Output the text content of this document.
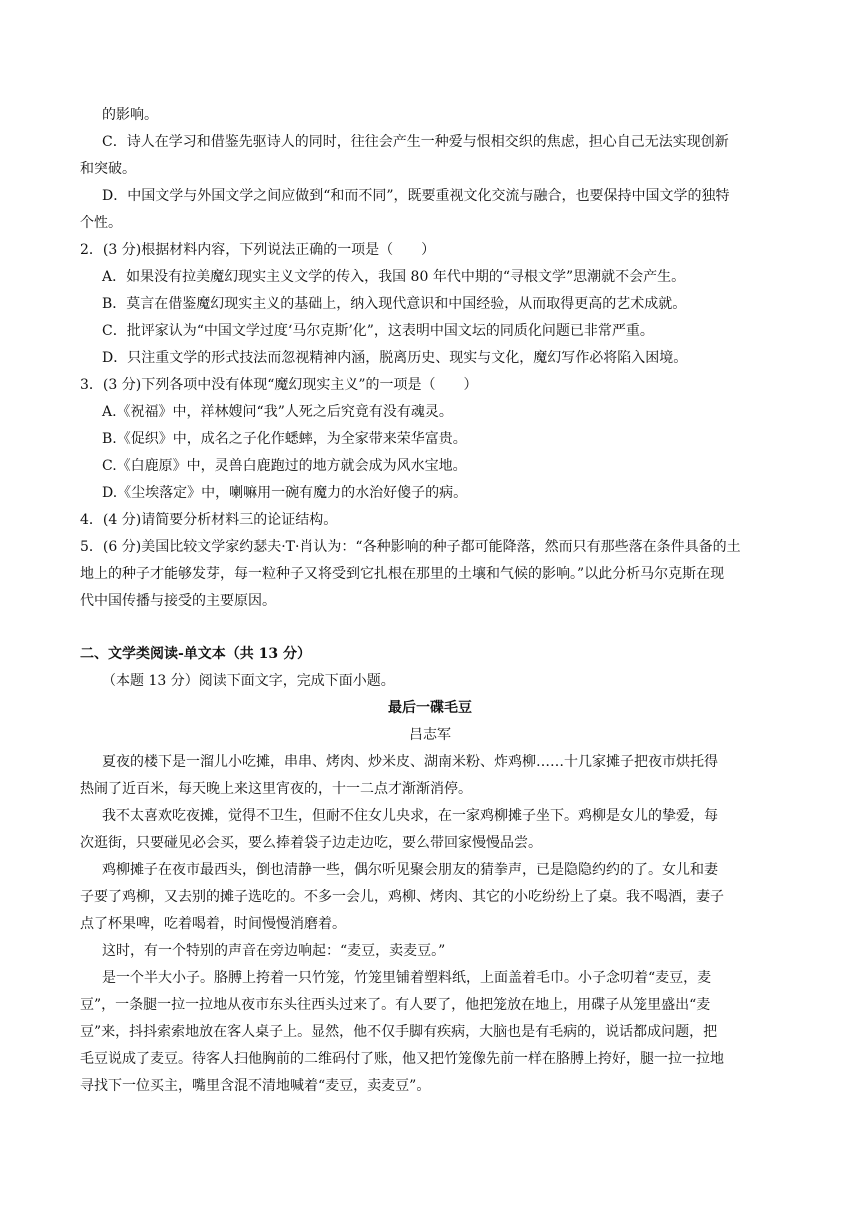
的影响。
C．诗人在学习和借鉴先驱诗人的同时，往往会产生一种爱与恨相交织的焦虑，担心自己无法实现创新
和突破。
D．中国文学与外国文学之间应做到“和而不同”，既要重视文化交流与融合，也要保持中国文学的独特
个性。
2．(3 分)根据材料内容，下列说法正确的一项是（　　）
A．如果没有拉美魔幻现实主义文学的传入，我国 80 年代中期的“寻根文学”思潮就不会产生。
B．莫言在借鉴魔幻现实主义的基础上，纳入现代意识和中国经验，从而取得更高的艺术成就。
C．批评家认为“中国文学过度‘马尔克斯’化”，这表明中国文坛的同质化问题已非常严重。
D．只注重文学的形式技法而忽视精神内涵，脱离历史、现实与文化，魔幻写作必将陷入困境。
3．(3 分)下列各项中没有体现“魔幻现实主义”的一项是（　　）
A.《祝福》中，祥林嫂问“我”人死之后究竟有没有魂灵。
B.《促织》中，成名之子化作蟋蟀，为全家带来荣华富贵。
C.《白鹿原》中，灵兽白鹿跑过的地方就会成为风水宝地。
D.《尘埃落定》中，喇嘛用一碗有魔力的水治好傻子的病。
4．(4 分)请简要分析材料三的论证结构。
5．(6 分)美国比较文学家约瑟夫·T·肖认为：“各种影响的种子都可能降落，然而只有那些落在条件具备的土
地上的种子才能够发芽，每一粒种子又将受到它扎根在那里的土壤和气候的影响。”以此分析马尔克斯在现
代中国传播与接受的主要原因。
二、文学类阅读-单文本（共 13 分）
（本题 13 分）阅读下面文字，完成下面小题。
最后一碟毛豆
吕志军
夏夜的楼下是一溜儿小吃摊，串串、烤肉、炒米皮、湖南米粉、炸鸡柳……十几家摊子把夜市烘托得
热闹了近百米，每天晚上来这里宵夜的，十一二点才渐渐消停。
我不太喜欢吃夜摊，觉得不卫生，但耐不住女儿央求，在一家鸡柳摊子坐下。鸡柳是女儿的挚爱，每
次逛街，只要碰见必会买，要么捧着袋子边走边吃，要么带回家慢慢品尝。
鸡柳摊子在夜市最西头，倒也清静一些，偶尔听见聚会朋友的猜拳声，已是隐隐约约的了。女儿和妻
子要了鸡柳，又去别的摊子选吃的。不多一会儿，鸡柳、烤肉、其它的小吃纷纷上了桌。我不喝酒，妻子
点了杯果啤，吃着喝着，时间慢慢消磨着。
这时，有一个特别的声音在旁边响起：“麦豆，卖麦豆。”
是一个半大小子。胳膊上挎着一只竹笼，竹笼里铺着塑料纸，上面盖着毛巾。小子念叨着“麦豆，麦
豆”，一条腿一拉一拉地从夜市东头往西头过来了。有人要了，他把笼放在地上，用碟子从笼里盛出“麦
豆”来，抖抖索索地放在客人桌子上。显然，他不仅手脚有疾病，大脑也是有毛病的，说话都成问题，把
毛豆说成了麦豆。待客人扫他胸前的二维码付了账，他又把竹笼像先前一样在胳膊上挎好，腿一拉一拉地
寻找下一位买主，嘴里含混不清地喊着“麦豆，卖麦豆”。
